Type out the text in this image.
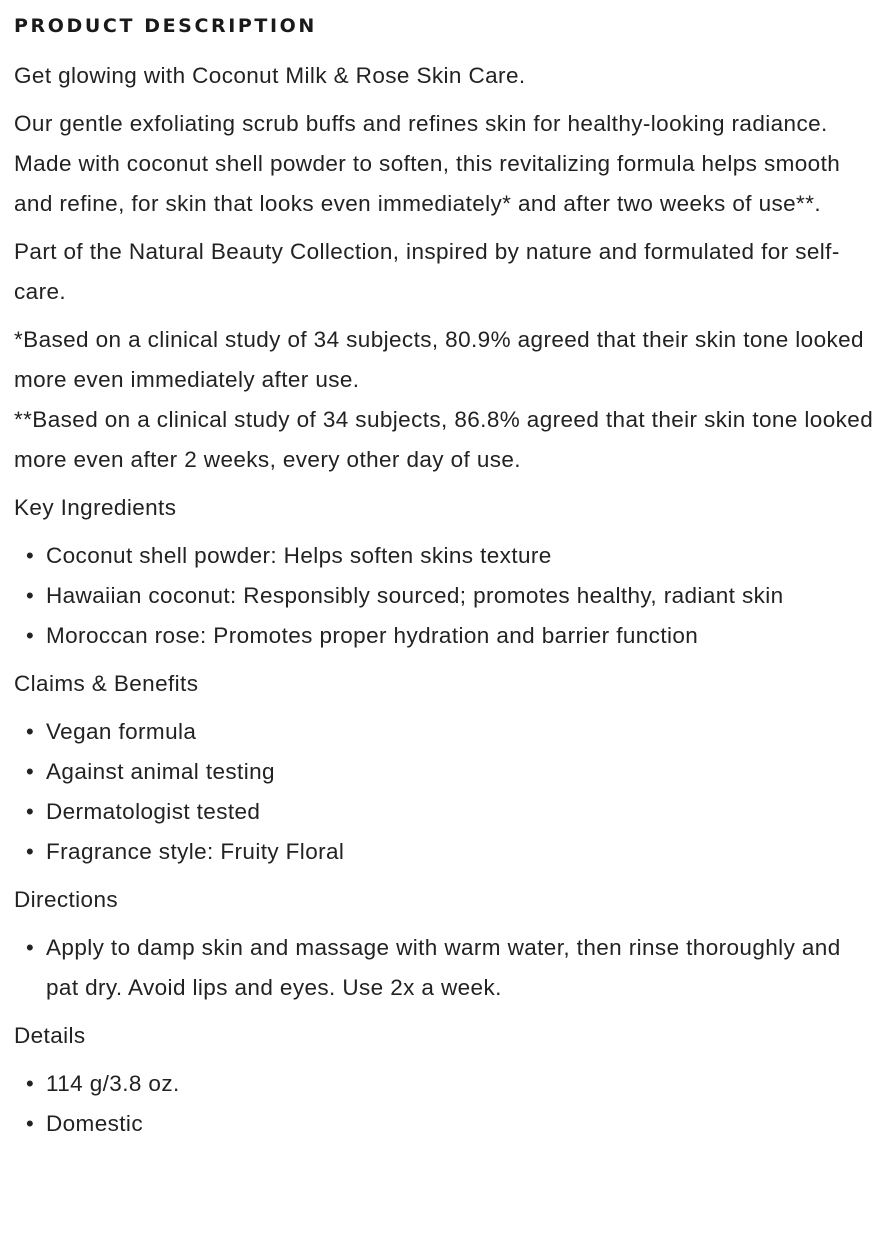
PRODUCT DESCRIPTION

Get glowing with Coconut Milk & Rose Skin Care.

Our gentle exfoliating scrub buffs and refines skin for healthy-looking radiance. Made with coconut shell powder to soften, this revitalizing formula helps smooth and refine, for skin that looks even immediately* and after two weeks of use**.

Part of the Natural Beauty Collection, inspired by nature and formulated for self-care.

*Based on a clinical study of 34 subjects, 80.9% agreed that their skin tone looked more even immediately after use.

**Based on a clinical study of 34 subjects, 86.8% agreed that their skin tone looked more even after 2 weeks, every other day of use.

Key Ingredients
• Coconut shell powder: Helps soften skins texture
• Hawaiian coconut: Responsibly sourced; promotes healthy, radiant skin
• Moroccan rose: Promotes proper hydration and barrier function
Claims & Benefits
• Vegan formula
• Against animal testing
• Dermatologist tested
• Fragrance style: Fruity Floral
Directions
• Apply to damp skin and massage with warm water, then rinse thoroughly and pat dry. Avoid lips and eyes. Use 2x a week.
Details
• 114 g/3.8 oz.
• Domestic
